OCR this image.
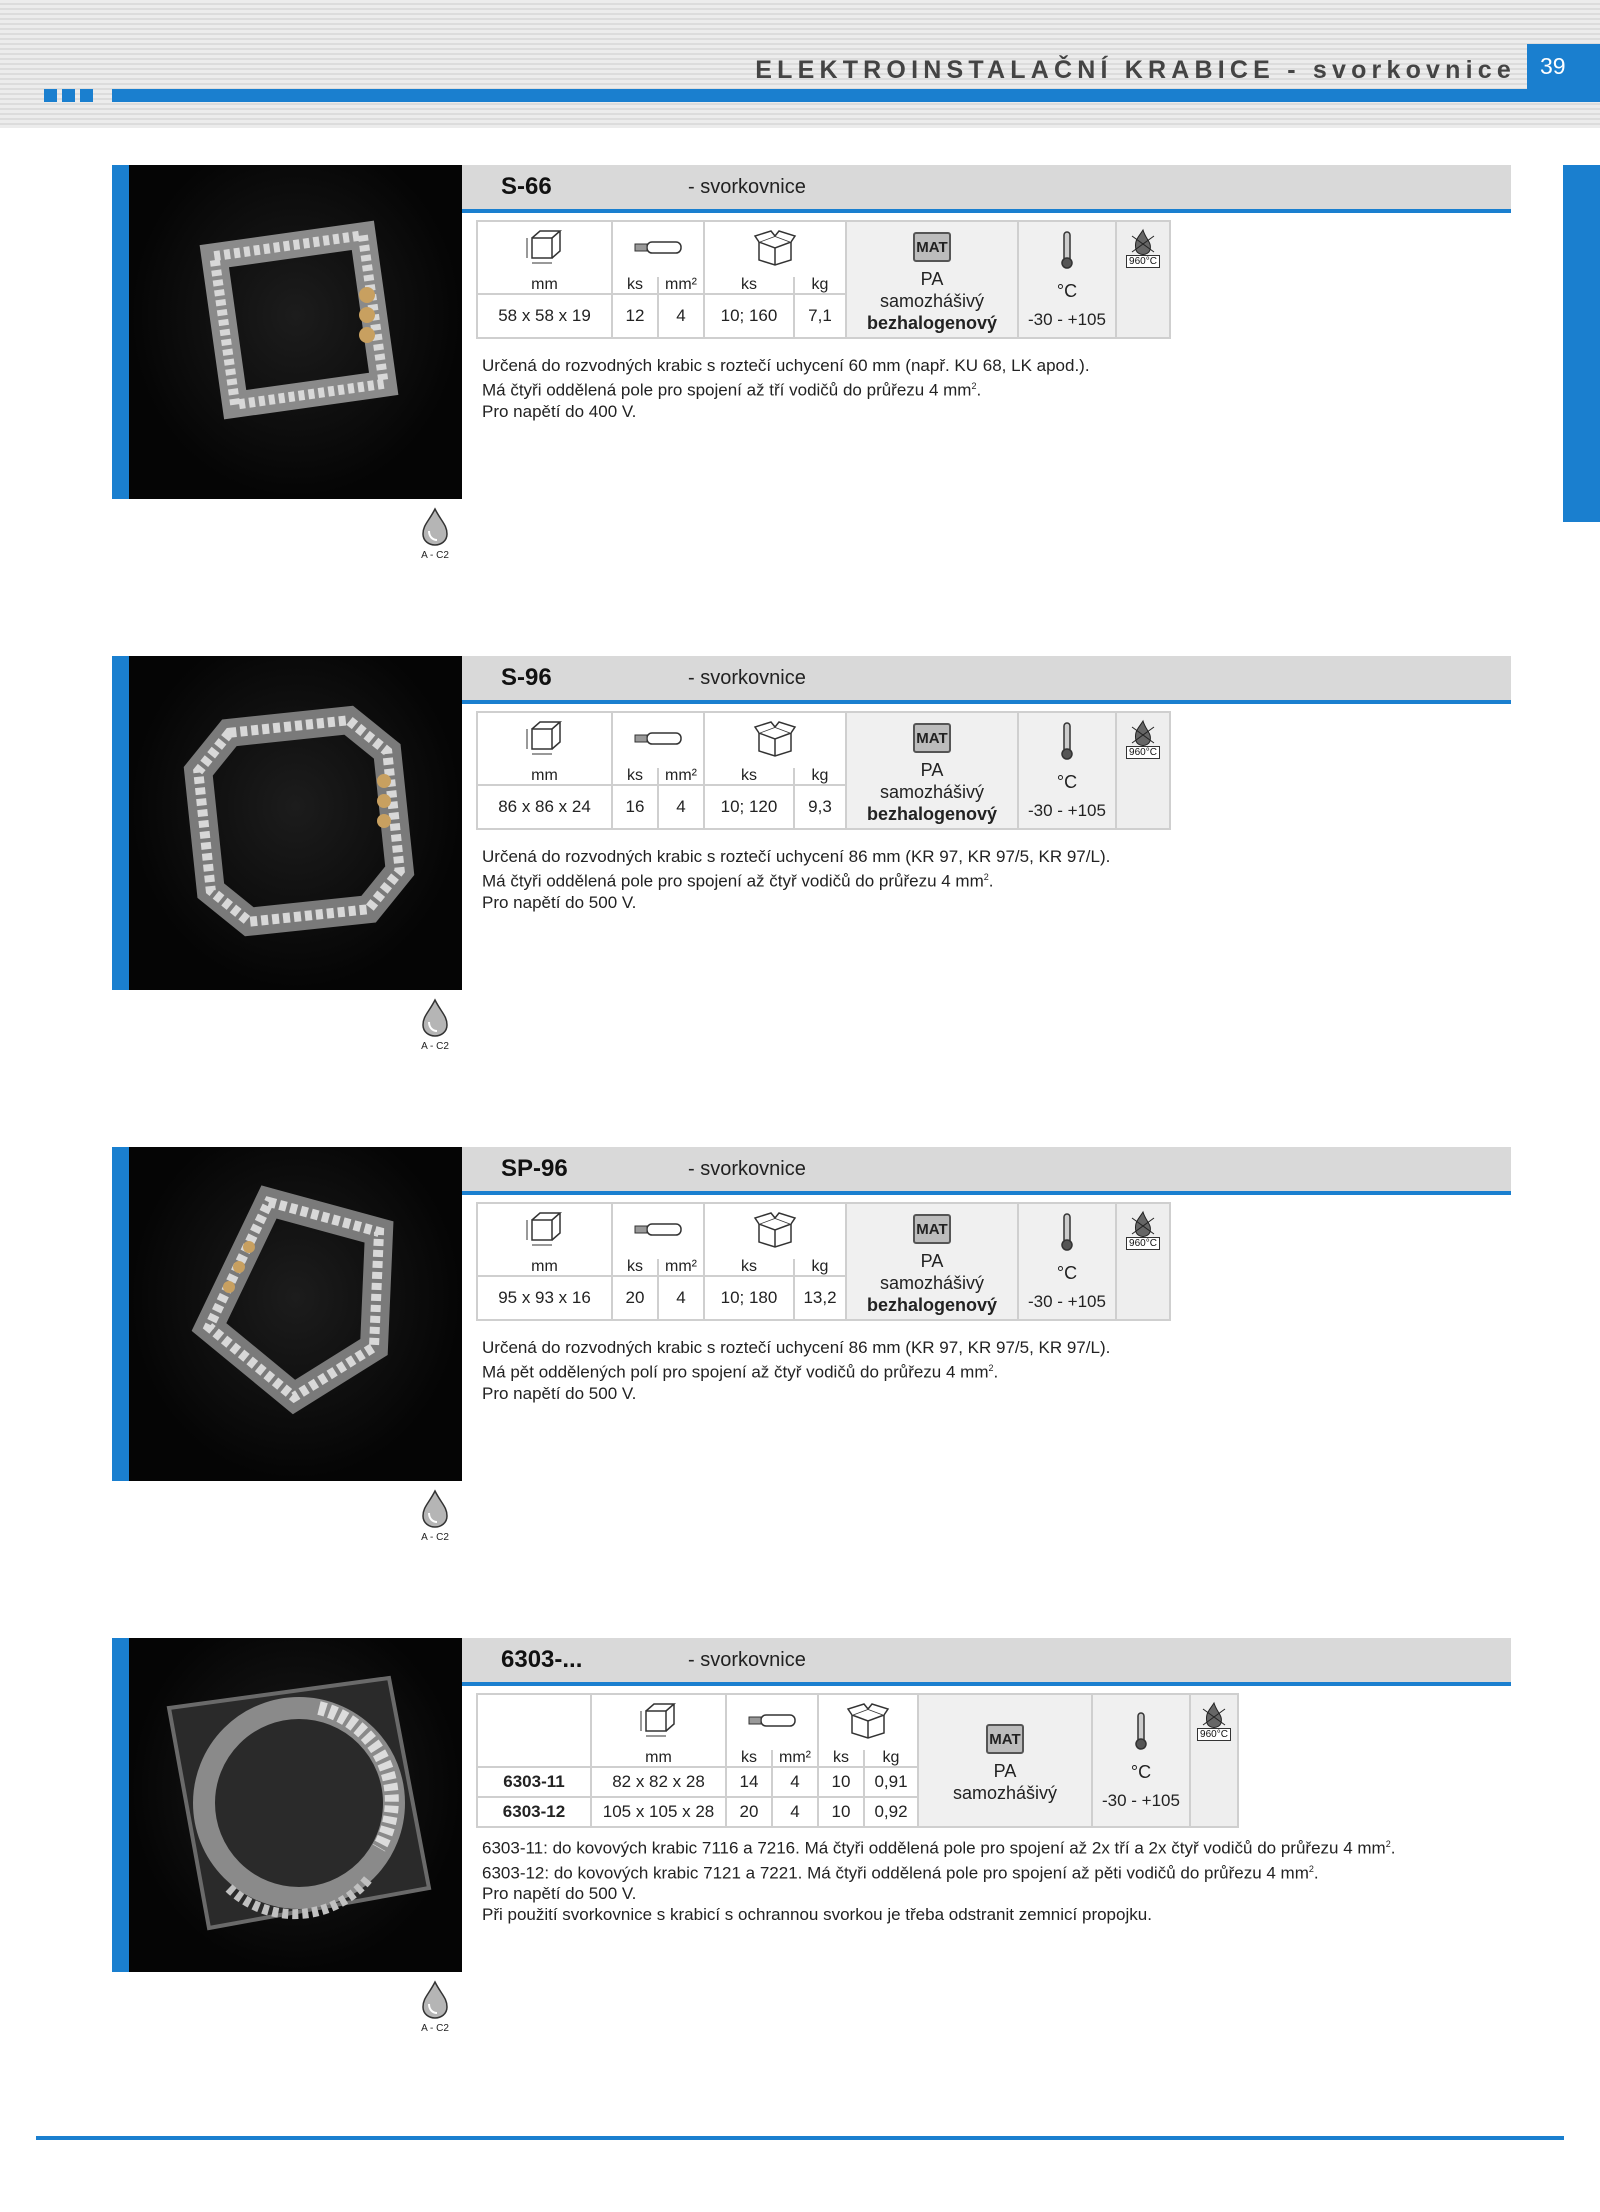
ELEKTROINSTALAČNÍ KRABICE - svorkovnice	39
S-66	- svorkovnice
			MAT
PA
samozhášivý
bezhalogenový	°C
-30 - +105	960°C

mm	ks	mm²	ks	kg			
58 x 58 x 19	12	4	10; 160	7,1			
Určená do rozvodných krabic s roztečí uchycení 60 mm (např. KU 68, LK apod.).
Má čtyři oddělená pole pro spojení až tří vodičů do průřezu 4 $mm^2$.
Pro napětí do 400 V.
A - C2
S-96	- svorkovnice
			MAT
PA
samozhášivý
bezhalogenový	°C
-30 - +105	960°C

mm	ks	mm²	ks	kg			
86 x 86 x 24	16	4	10; 120	9,3			
Určená do rozvodných krabic s roztečí uchycení 86 mm (KR 97, KR 97/5, KR 97/L).
Má čtyři oddělená pole pro spojení až čtyř vodičů do průřezu 4 $mm^2$.
Pro napětí do 500 V.
A - C2
SP-96	- svorkovnice
			MAT
PA
samozhášivý
bezhalogenový	°C
-30 - +105	960°C

mm	ks	mm²	ks	kg			
95 x 93 x 16	20	4	10; 180	13,2			
Určená do rozvodných krabic s roztečí uchycení 86 mm (KR 97, KR 97/5, KR 97/L).
Má pět oddělených polí pro spojení až čtyř vodičů do průřezu 4 $mm^2$.
Pro napětí do 500 V.
A - C2
6303-...	- svorkovnice
				MAT
PA
samozhášivý	°C
-30 - +105	960°C

	mm	ks	mm²	ks	kg			
6303-11	82 x 82 x 28	14	4	10	0,91			
6303-12	105 x 105 x 28	20	4	10	0,92			
6303-11: do kovových krabic 7116 a 7216. Má čtyři oddělená pole pro spojení až 2x tří a 2x čtyř vodičů do průřezu 4 $mm^2$.
6303-12: do kovových krabic 7121 a 7221. Má čtyři oddělená pole pro spojení až pěti vodičů do průřezu 4 $mm^2$.
Pro napětí do 500 V.
Při použití svorkovnice s krabicí s ochrannou svorkou je třeba odstranit zemnicí propojku.
A - C2
